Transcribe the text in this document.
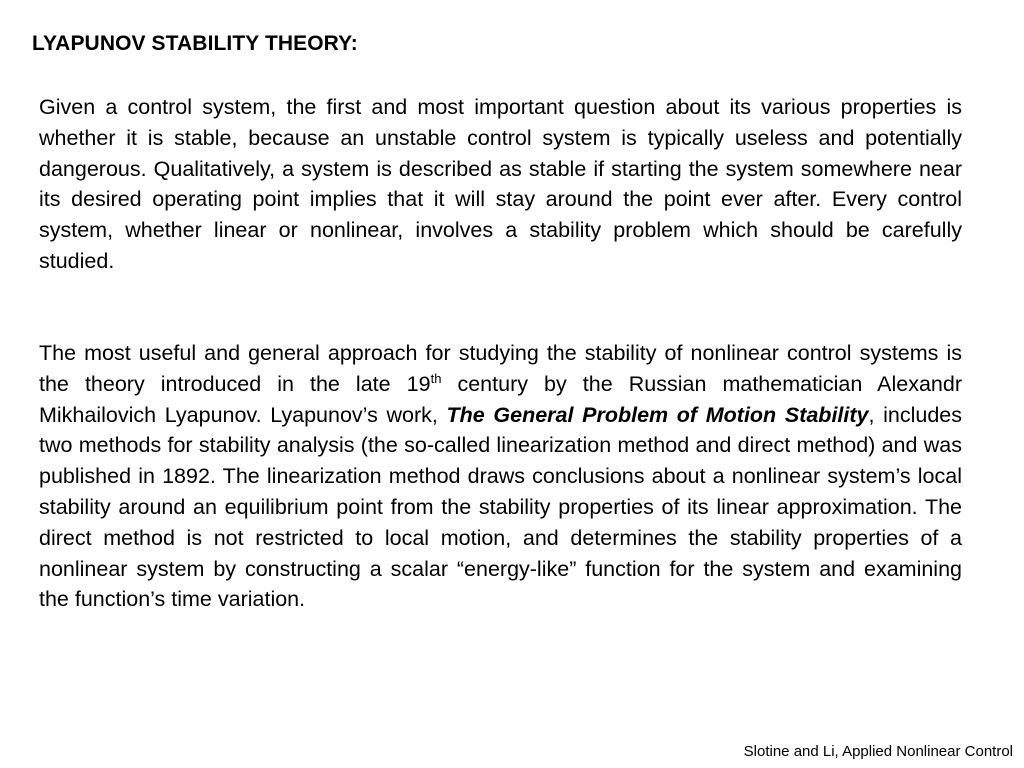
LYAPUNOV STABILITY THEORY:

Given a control system, the first and most important question about its various properties is whether it is stable, because an unstable control system is typically useless and potentially dangerous. Qualitatively, a system is described as stable if starting the system somewhere near its desired operating point implies that it will stay around the point ever after. Every control system, whether linear or nonlinear, involves a stability problem which should be carefully studied.

The most useful and general approach for studying the stability of nonlinear control systems is the theory introduced in the late 19th century by the Russian mathematician Alexandr Mikhailovich Lyapunov. Lyapunov’s work, The General Problem of Motion Stability, includes two methods for stability analysis (the so-called linearization method and direct method) and was published in 1892. The linearization method draws conclusions about a nonlinear system’s local stability around an equilibrium point from the stability properties of its linear approximation. The direct method is not restricted to local motion, and determines the stability properties of a nonlinear system by constructing a scalar “energy-like” function for the system and examining the function’s time variation.

Slotine and Li, Applied Nonlinear Control
